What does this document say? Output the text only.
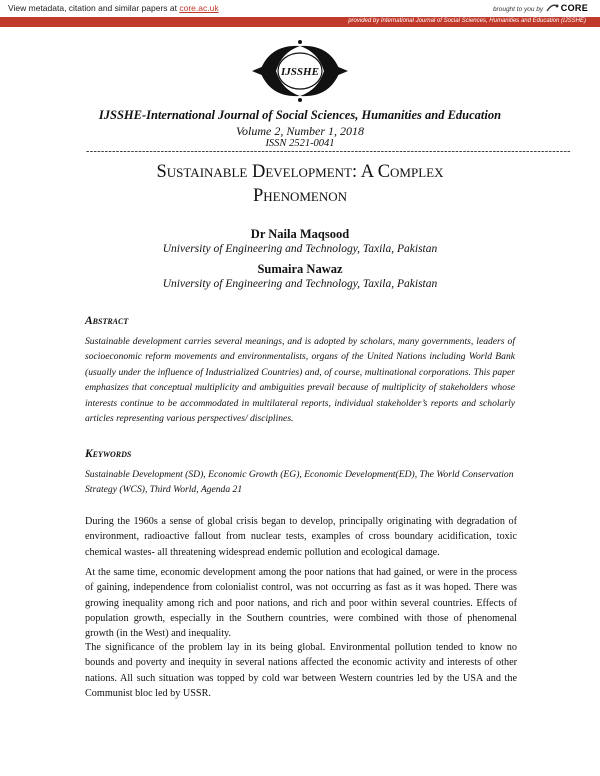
View metadata, citation and similar papers at core.ac.uk	brought to you by CORE
provided by International Journal of Social Sciences, Humanities and Education (IJSSHE)
IJSSHE
IJSSHE-International Journal of Social Sciences, Humanities and Education
Volume 2, Number 1, 2018
ISSN 2521-0041
----------------------------------------------------------------------------------------------------------------------------------
Sustainable Development: A Complex Phenomenon
Dr Naila Maqsood
University of Engineering and Technology, Taxila, Pakistan
Sumaira Nawaz
University of Engineering and Technology, Taxila, Pakistan
Abstract
Sustainable development carries several meanings, and is adopted by scholars, many governments, leaders of socioeconomic reform movements and environmentalists, organs of the United Nations including World Bank (usually under the influence of Industrialized Countries) and, of course, multinational corporations. This paper emphasizes that conceptual multiplicity and ambiguities prevail because of multiplicity of stakeholders whose interests continue to be accommodated in multilateral reports, individual stakeholder’s reports and scholarly articles representing various perspectives/ disciplines.
Keywords
Sustainable Development (SD), Economic Growth (EG), Economic Development(ED), The World Conservation Strategy (WCS), Third World, Agenda 21
During the 1960s a sense of global crisis began to develop, principally originating with degradation of environment, radioactive fallout from nuclear tests, examples of cross boundary acidification, toxic chemical wastes- all threatening widespread endemic pollution and ecological damage.
At the same time, economic development among the poor nations that had gained, or were in the process of gaining, independence from colonialist control, was not occurring as fast as it was hoped. There was growing inequality among rich and poor nations, and rich and poor within several countries. Effects of population growth, especially in the Southern countries, were combined with those of phenomenal growth (in the West) and inequality.
The significance of the problem lay in its being global. Environmental pollution tended to know no bounds and poverty and inequity in several nations affected the economic activity and interests of other nations. All such situation was topped by cold war between Western countries led by the USA and the Communist bloc led by USSR.
